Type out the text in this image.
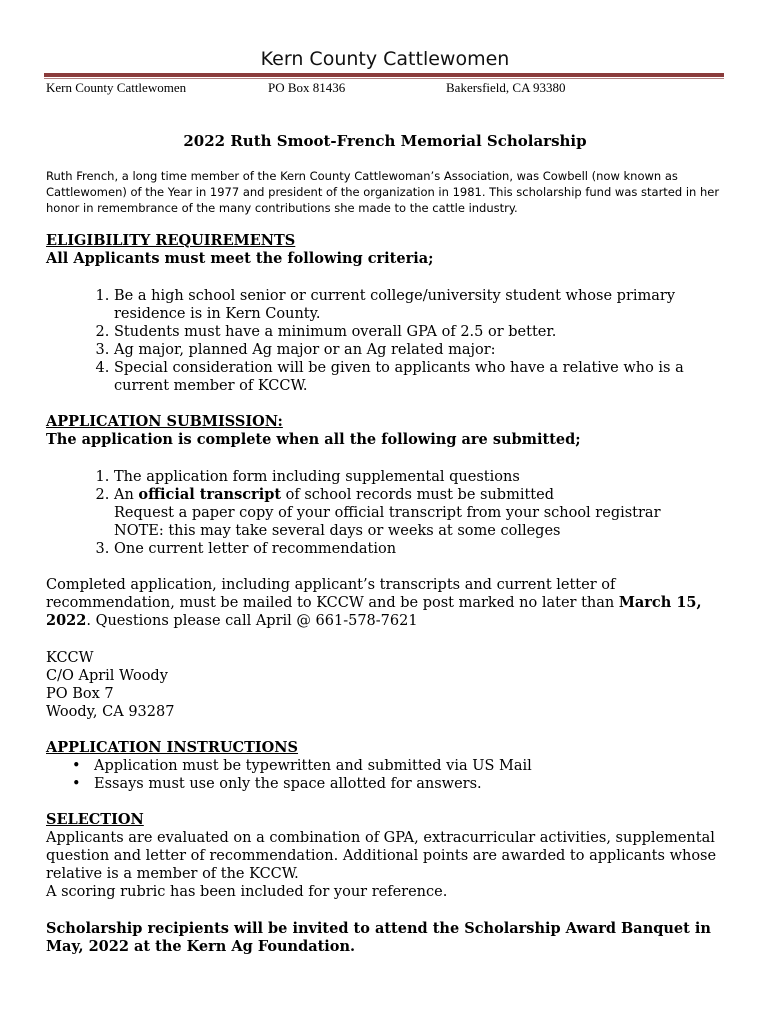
Kern County Cattlewomen
Kern County Cattlewomen	PO Box 81436	Bakersfield, CA 93380
2022 Ruth Smoot-French Memorial Scholarship
Ruth French, a long time member of the Kern County Cattlewoman’s Association, was Cowbell (now known as Cattlewomen) of the Year in 1977 and president of the organization in 1981. This scholarship fund was started in her honor in remembrance of the many contributions she made to the cattle industry.
ELIGIBILITY REQUIREMENTS
All Applicants must meet the following criteria;
1. Be a high school senior or current college/university student whose primary residence is in Kern County.
2. Students must have a minimum overall GPA of 2.5 or better.
3. Ag major, planned Ag major or an Ag related major:
4. Special consideration will be given to applicants who have a relative who is a current member of KCCW.
APPLICATION SUBMISSION:
The application is complete when all the following are submitted;
1. The application form including supplemental questions
2. An official transcript of school records must be submitted
Request a paper copy of your official transcript from your school registrar
NOTE: this may take several days or weeks at some colleges
3. One current letter of recommendation
Completed application, including applicant’s transcripts and current letter of recommendation, must be mailed to KCCW and be post marked no later than March 15, 2022. Questions please call April @ 661-578-7621
KCCW
C/O April Woody
PO Box 7
Woody, CA 93287
APPLICATION INSTRUCTIONS
• Application must be typewritten and submitted via US Mail
• Essays must use only the space allotted for answers.
SELECTION
Applicants are evaluated on a combination of GPA, extracurricular activities, supplemental question and letter of recommendation. Additional points are awarded to applicants whose relative is a member of the KCCW.
A scoring rubric has been included for your reference.
Scholarship recipients will be invited to attend the Scholarship Award Banquet in May, 2022 at the Kern Ag Foundation.
